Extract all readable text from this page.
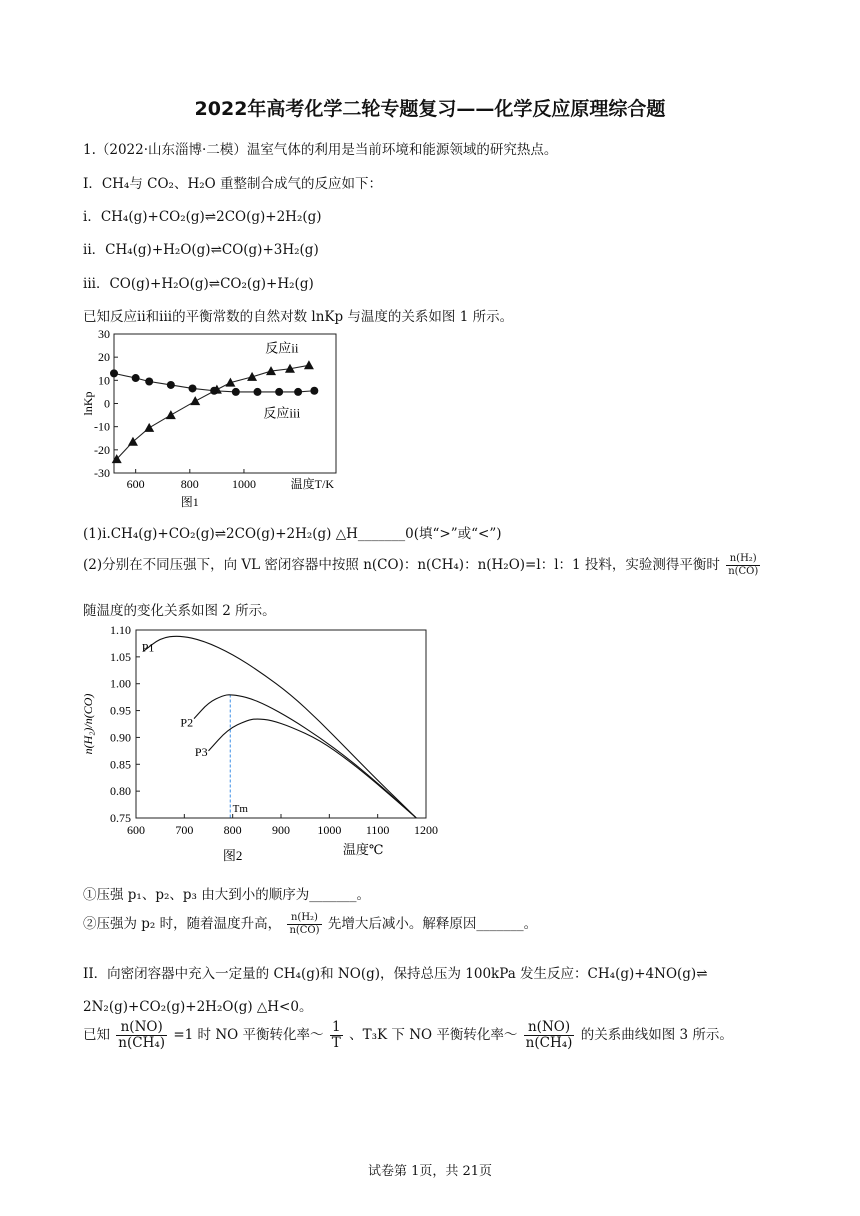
2022年高考化学二轮专题复习——化学反应原理综合题
1.（2022·山东淄博·二模）温室气体的利用是当前环境和能源领域的研究热点。
I．CH₄与 CO₂、H₂O 重整制合成气的反应如下：
i．CH₄(g)+CO₂(g)⇌2CO(g)+2H₂(g)
ii．CH₄(g)+H₂O(g)⇌CO(g)+3H₂(g)
iii．CO(g)+H₂O(g)⇌CO₂(g)+H₂(g)
已知反应ii和iii的平衡常数的自然对数 lnKp 与温度的关系如图 1 所示。
30
20
10
0
-10
-20
-30
600	800	1000	温度T/K
lnKp
图1
反应ii
反应iii
(1)i.CH₄(g)+CO₂(g)⇌2CO(g)+2H₂(g) △H_______0(填“>”或“<”)
(2)分别在不同压强下，向 VL 密闭容器中按照 n(CO)：n(CH₄)：n(H₂O)=l：l：1 投料，实验测得平衡时 $\frac{\text{n(H₂)}}{n(CO)}$
随温度的变化关系如图 2 所示。
1.10
1.05
1.00
0.95
0.90
0.85
0.80
0.75
600	700	800	900 1000 1100 1200
温度℃
n(H₂)/n(CO)
图2
Tm
P1
P2
P3
①压强 p₁、p₂、p₃ 由大到小的顺序为_______。
②压强为 p₂ 时，随着温度升高， $\frac{\text{n(H₂)}}{n(CO)}$ 先增大后减小。解释原因_______。
II．向密闭容器中充入一定量的 CH₄(g)和 NO(g)，保持总压为 100kPa 发生反应：CH₄(g)+4NO(g)⇌
2N₂(g)+CO₂(g)+2H₂O(g) △H<0。
已知 $\frac{n(NO)}{\text{n(CH₄)}} =1$ 时 NO 平衡转化率～ $\frac{1}{T}$ 、T₃K 下 NO 平衡转化率～ $\frac{n(NO)}{\text{n(CH₄)}}$ 的关系曲线如图 3 所示。
试卷第 1页，共 21页
